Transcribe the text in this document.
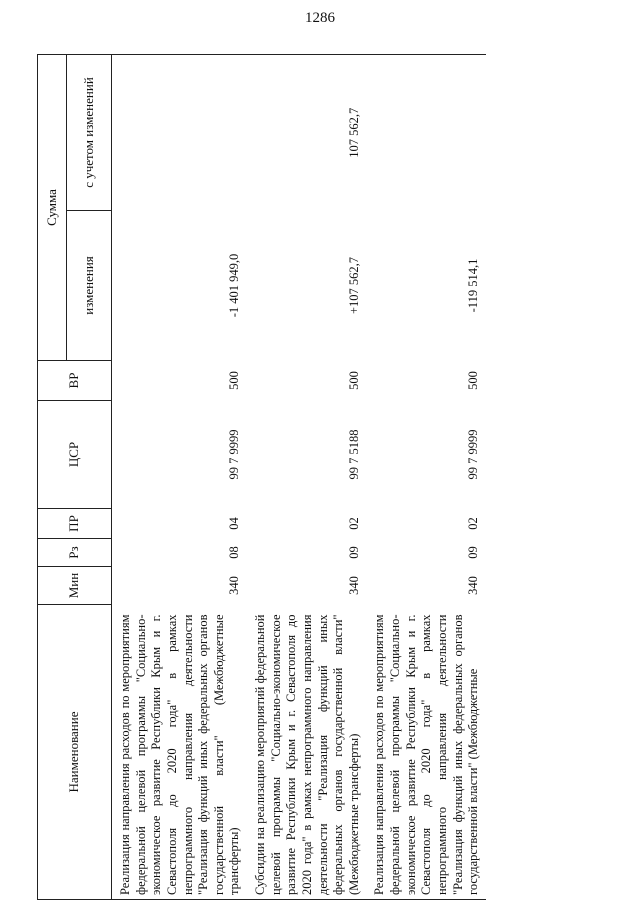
1286
Наименование	Мин	Рз	ПР	ЦСР	ВР	Сумма	
						изменения	с учетом изменений
Реализация направления расходов по мероприятиям федеральной целевой программы "Социально-экономическое развитие Республики Крым и г. Севастополя до 2020 года" в рамках непрограммного направления деятельности "Реализация функций иных федеральных органов государственной власти" (Межбюджетные трансферты)	340	08	04	99 7 9999	500	-1 401 949,0	
Субсидии на реализацию мероприятий федеральной целевой программы "Социально-экономическое развитие Республики Крым и г. Севастополя до 2020 года" в рамках непрограммного направления деятельности "Реализация функций иных федеральных органов государственной власти" (Межбюджетные трансферты)	340	09	02	99 7 5188	500	+107 562,7	107 562,7
Реализация направления расходов по мероприятиям федеральной целевой программы "Социально-экономическое развитие Республики Крым и г. Севастополя до 2020 года" в рамках непрограммного направления деятельности "Реализация функций иных федеральных органов государственной власти" (Межбюджетные	340	09	02	99 7 9999	500	-119 514,1	
